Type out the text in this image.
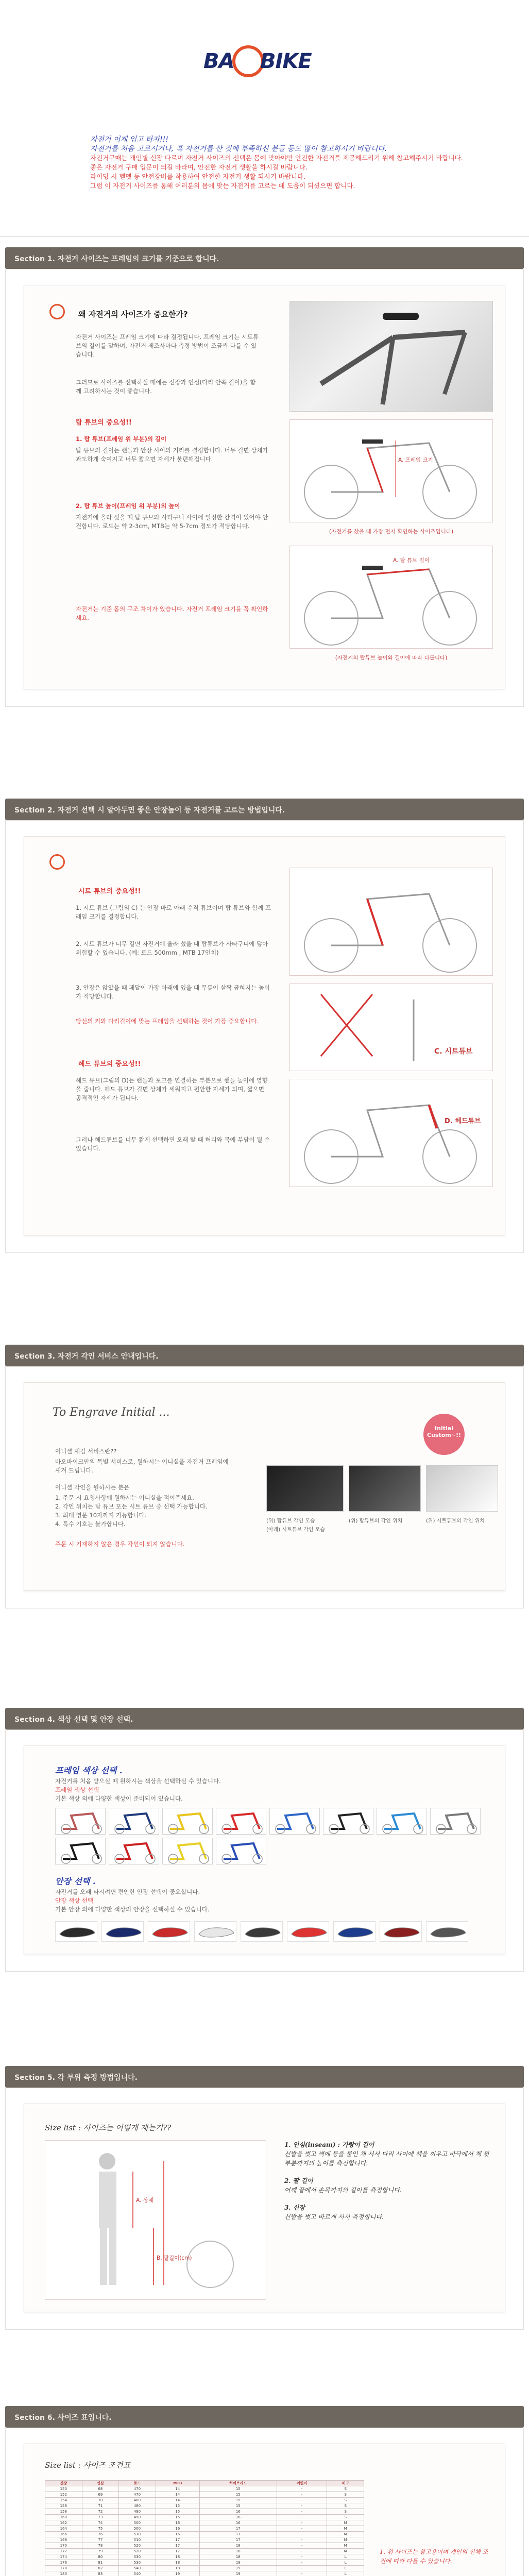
BA BIKE

자전거 이제 입고 타자!!!

자전거를 처음 고르시거나, 혹 자전거를 산 것에 부족하신 분들 등도 많이 참고하시기 바랍니다.

자전거구매는 개인별 신장 다르며 자전거 사이즈의 선택은 몸에 맞아야만 안전한 자전거를 제공해드리기 위해 참고해주시기 바랍니다.

좋은 자전거 구매 입문이 되길 바라며, 안전한 자전거 생활을 하시길 바랍니다.

라이딩 시 헬멧 등 안전장비를 착용하여 안전한 자전거 생활 되시기 바랍니다.

그럼 이 자전거 사이즈를 통해 여러분의 몸에 맞는 자전거를 고르는 데 도움이 되셨으면 합니다.

Section 1. 자전거 사이즈는 프레임의 크기를 기준으로 합니다.
왜 자전거의 사이즈가 중요한가?
자전거 사이즈는 프레임 크기에 따라 결정됩니다. 프레임 크기는 시트튜브의 길이를 말하며, 자전거 제조사마다 측정 방법이 조금씩 다를 수 있습니다.
그러므로 사이즈를 선택하실 때에는 신장과 인심(다리 안쪽 길이)을 함께 고려하시는 것이 좋습니다.
탑 튜브의 중요성!!
1. 탑 튜브(프레임 위 부분)의 길이
탑 튜브의 길이는 핸들과 안장 사이의 거리를 결정합니다. 너무 길면 상체가 과도하게 숙여지고 너무 짧으면 자세가 불편해집니다.
2. 탑 튜브 높이(프레임 위 부분)의 높이
자전거에 올라 섰을 때 탑 튜브와 사타구니 사이에 일정한 간격이 있어야 안전합니다. 로드는 약 2-3cm, MTB는 약 5-7cm 정도가 적당합니다.
자전거는 기준 몸의 구조 차이가 있습니다. 자전거 프레임 크기를 꼭 확인하세요.
A. 프레임 크기
(자전거를 샀을 때 가장 먼저 확인하는 사이즈입니다)
A. 탑 튜브 길이
(자전거의 탑튜브 높이와 길이에 따라 다릅니다)
Section 2. 자전거 선택 시 알아두면 좋은 안장높이 등 자전거를 고르는 방법입니다.
시트 튜브의 중요성!!
1. 시트 튜브 (그림의 C) 는 안장 바로 아래 수직 튜브이며 탑 튜브와 함께 프레임 크기를 결정합니다.
2. 시트 튜브가 너무 길면 자전거에 올라 섰을 때 탑튜브가 사타구니에 닿아 위험할 수 있습니다. (예: 로드 500mm , MTB 17인치)
3. 안장은 앉았을 때 페달이 가장 아래에 있을 때 무릎이 살짝 굽혀지는 높이가 적당합니다.
당신의 키와 다리길이에 맞는 프레임을 선택하는 것이 가장 중요합니다.
헤드 튜브의 중요성!!
헤드 튜브(그림의 D)는 핸들과 포크를 연결하는 부분으로 핸들 높이에 영향을 줍니다. 헤드 튜브가 길면 상체가 세워지고 편안한 자세가 되며, 짧으면 공격적인 자세가 됩니다.
그러나 헤드튜브를 너무 짧게 선택하면 오래 탈 때 허리와 목에 부담이 될 수 있습니다.
C. 시트튜브
D. 헤드튜브
Section 3. 자전거 각인 서비스 안내입니다.
To Engrave Initial ...
이니셜 새김 서비스란??
바오바이크만의 특별 서비스로, 원하시는 이니셜을 자전거 프레임에 새겨 드립니다.
이니셜 각인을 원하시는 분은
1. 주문 시 요청사항에 원하시는 이니셜을 적어주세요.
2. 각인 위치는 탑 튜브 또는 시트 튜브 중 선택 가능합니다.
3. 최대 영문 10자까지 가능합니다.
4. 특수 기호는 불가합니다.
주문 시 기재하지 않은 경우 각인이 되지 않습니다.
Initial
Custom~!!
(위) 탑튜브 각인 모습
(아래) 시트튜브 각인 모습
(위) 탑튜브의 각인 위치	(위) 시트튜브의 각인 위치
Section 4. 색상 선택 및 안장 선택.
프레임 색상 선택 .
자전거를 처음 받으실 때 원하시는 색상을 선택하실 수 있습니다.
프레임 색상 선택
기본 색상 외에 다양한 색상이 준비되어 있습니다.
안장 선택 .
자전거를 오래 타시려면 편안한 안장 선택이 중요합니다.
안장 색상 선택
기본 안장 외에 다양한 색상의 안장을 선택하실 수 있습니다.
Section 5. 각 부위 측정 방법입니다.
Size list : 사이즈는 어떻게 재는거??
A. 상체
B. 팔길이(cm)
1. 인심(inseam) : 가랑이 길이
신발을 벗고 벽에 등을 붙인 채 서서 다리 사이에 책을 끼우고 바닥에서 책 윗부분까지의 높이를 측정합니다.
2. 팔 길이
어깨 끝에서 손목까지의 길이를 측정합니다.
3. 신장
신발을 벗고 바르게 서서 측정합니다.
Section 6. 사이즈 표입니다.
Size list : 사이즈 조견표
신장	인심	로드	MTB	하이브리드	어린이	비고
150	68	470	14	15	-	S
152	69	470	14	15	-	S
154	70	480	14	15	-	S
156	71	480	15	15	-	S
158	72	490	15	16	-	S
160	73	490	15	16	-	S
162	74	500	16	16	-	M
164	75	500	16	17	-	M
166	76	510	16	17	-	M
168	77	510	17	17	-	M
170	78	520	17	18	-	M
172	79	520	17	18	-	M
174	80	530	18	18	-	L
176	81	530	18	19	-	L
178	82	540	18	19	-	L
180	83	540	19	19	-	L

1. 위 사이즈는 참고용이며 개인의 신체 조건에 따라 다를 수 있습니다.
